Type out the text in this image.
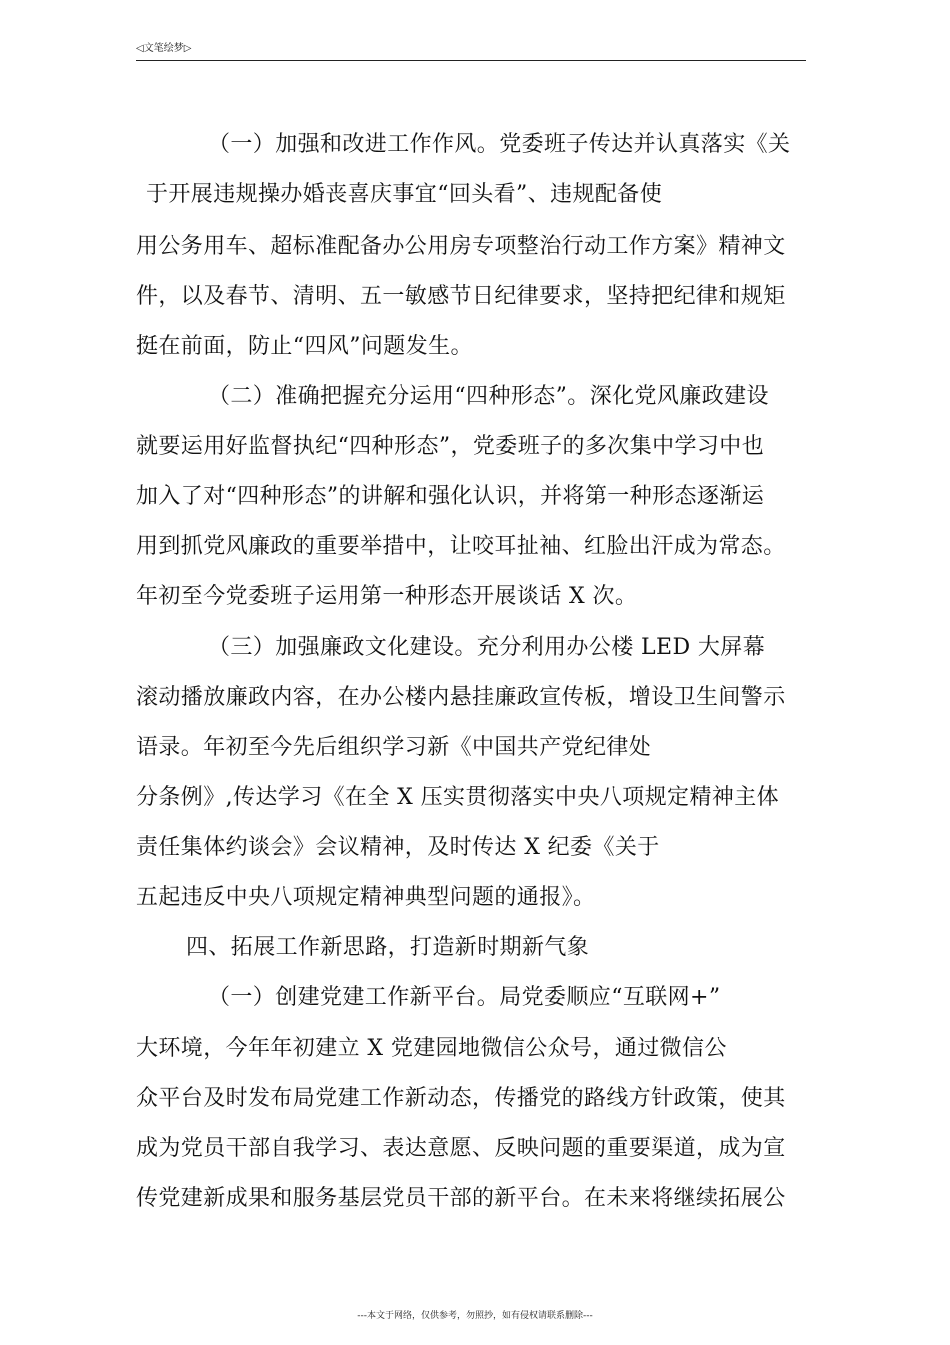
◁文笔绘梦▷
（一）加强和改进工作作风。党委班子传达并认真落实《关
于开展违规操办婚丧喜庆事宜“回头看”、违规配备使
用公务用车、超标准配备办公用房专项整治行动工作方案》精神文
件，以及春节、清明、五一敏感节日纪律要求，坚持把纪律和规矩
挺在前面，防止“四风”问题发生。
（二）准确把握充分运用“四种形态”。深化党风廉政建设
就要运用好监督执纪“四种形态”，党委班子的多次集中学习中也
加入了对“四种形态”的讲解和强化认识，并将第一种形态逐渐运
用到抓党风廉政的重要举措中，让咬耳扯袖、红脸出汗成为常态。
年初至今党委班子运用第一种形态开展谈话 X 次。
（三）加强廉政文化建设。充分利用办公楼 LED 大屏幕
滚动播放廉政内容，在办公楼内悬挂廉政宣传板，增设卫生间警示
语录。年初至今先后组织学习新《中国共产党纪律处
分条例》,传达学习《在全 X 压实贯彻落实中央八项规定精神主体
责任集体约谈会》会议精神，及时传达 X 纪委《关于
五起违反中央八项规定精神典型问题的通报》。
四、拓展工作新思路，打造新时期新气象
（一）创建党建工作新平台。局党委顺应“互联网+”
大环境，今年年初建立 X 党建园地微信公众号，通过微信公
众平台及时发布局党建工作新动态，传播党的路线方针政策，使其
成为党员干部自我学习、表达意愿、反映问题的重要渠道，成为宣
传党建新成果和服务基层党员干部的新平台。在未来将继续拓展公
---本文于网络，仅供参考，勿照抄，如有侵权请联系删除---
